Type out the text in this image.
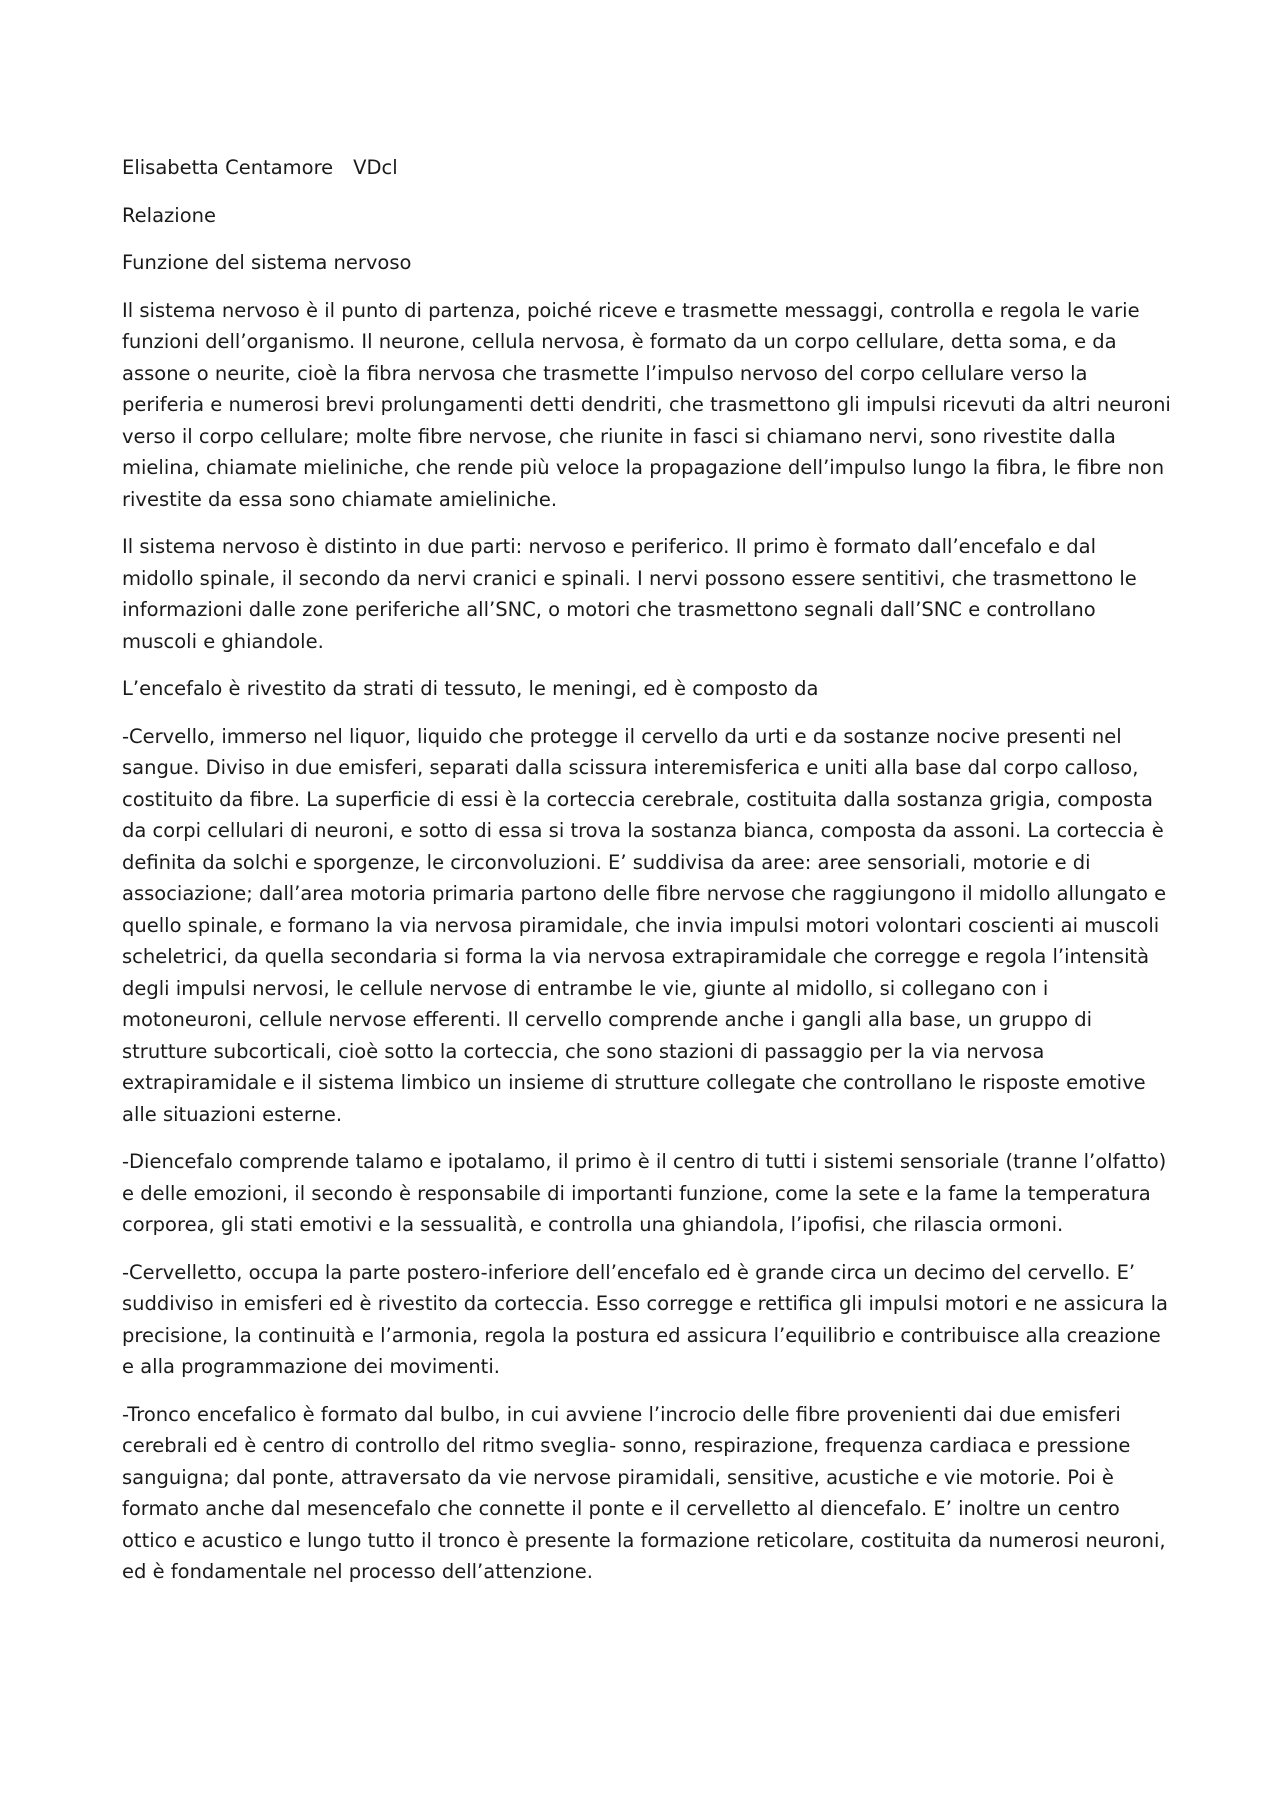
Elisabetta Centamore VDcl

Relazione

Funzione del sistema nervoso

Il sistema nervoso è il punto di partenza, poiché riceve e trasmette messaggi, controlla e regola le varie funzioni dell’organismo. Il neurone, cellula nervosa, è formato da un corpo cellulare, detta soma, e da assone o neurite, cioè la fibra nervosa che trasmette l’impulso nervoso del corpo cellulare verso la periferia e numerosi brevi prolungamenti detti dendriti, che trasmettono gli impulsi ricevuti da altri neuroni verso il corpo cellulare; molte fibre nervose, che riunite in fasci si chiamano nervi, sono rivestite dalla mielina, chiamate mieliniche, che rende più veloce la propagazione dell’impulso lungo la fibra, le fibre non rivestite da essa sono chiamate amieliniche.

Il sistema nervoso è distinto in due parti: nervoso e periferico. Il primo è formato dall’encefalo e dal midollo spinale, il secondo da nervi cranici e spinali. I nervi possono essere sentitivi, che trasmettono le informazioni dalle zone periferiche all’SNC, o motori che trasmettono segnali dall’SNC e controllano muscoli e ghiandole.

L’encefalo è rivestito da strati di tessuto, le meningi, ed è composto da

-Cervello, immerso nel liquor, liquido che protegge il cervello da urti e da sostanze nocive presenti nel sangue. Diviso in due emisferi, separati dalla scissura interemisferica e uniti alla base dal corpo calloso, costituito da fibre. La superficie di essi è la corteccia cerebrale, costituita dalla sostanza grigia, composta da corpi cellulari di neuroni, e sotto di essa si trova la sostanza bianca, composta da assoni. La corteccia è definita da solchi e sporgenze, le circonvoluzioni. E’ suddivisa da aree: aree sensoriali, motorie e di associazione; dall’area motoria primaria partono delle fibre nervose che raggiungono il midollo allungato e quello spinale, e formano la via nervosa piramidale, che invia impulsi motori volontari coscienti ai muscoli scheletrici, da quella secondaria si forma la via nervosa extrapiramidale che corregge e regola l’intensità degli impulsi nervosi, le cellule nervose di entrambe le vie, giunte al midollo, si collegano con i motoneuroni, cellule nervose efferenti. Il cervello comprende anche i gangli alla base, un gruppo di strutture subcorticali, cioè sotto la corteccia, che sono stazioni di passaggio per la via nervosa extrapiramidale e il sistema limbico un insieme di strutture collegate che controllano le risposte emotive alle situazioni esterne.

-Diencefalo comprende talamo e ipotalamo, il primo è il centro di tutti i sistemi sensoriale (tranne l’olfatto) e delle emozioni, il secondo è responsabile di importanti funzione, come la sete e la fame la temperatura corporea, gli stati emotivi e la sessualità, e controlla una ghiandola, l’ipofisi, che rilascia ormoni.

-Cervelletto, occupa la parte postero-inferiore dell’encefalo ed è grande circa un decimo del cervello. E’ suddiviso in emisferi ed è rivestito da corteccia. Esso corregge e rettifica gli impulsi motori e ne assicura la precisione, la continuità e l’armonia, regola la postura ed assicura l’equilibrio e contribuisce alla creazione e alla programmazione dei movimenti.

-Tronco encefalico è formato dal bulbo, in cui avviene l’incrocio delle fibre provenienti dai due emisferi cerebrali ed è centro di controllo del ritmo sveglia- sonno, respirazione, frequenza cardiaca e pressione sanguigna; dal ponte, attraversato da vie nervose piramidali, sensitive, acustiche e vie motorie. Poi è formato anche dal mesencefalo che connette il ponte e il cervelletto al diencefalo. E’ inoltre un centro ottico e acustico e lungo tutto il tronco è presente la formazione reticolare, costituita da numerosi neuroni, ed è fondamentale nel processo dell’attenzione.
